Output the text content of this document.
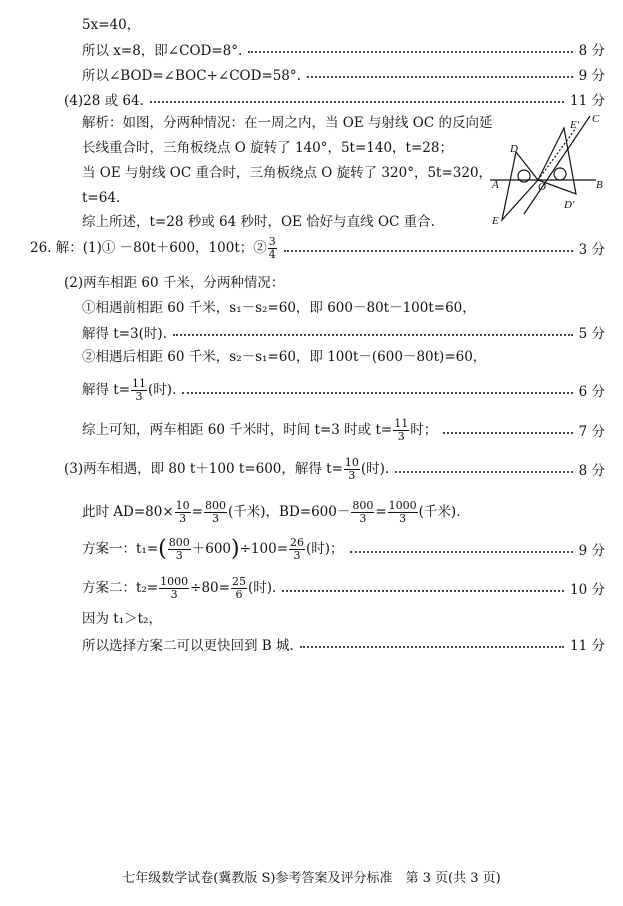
5x=40，
所以 x=8，即∠COD=8°.	8 分
所以∠BOD=∠BOC+∠COD=58°.	9 分
(4)28 或 64.	11 分
解析：如图，分两种情况：在一周之内，当 OE 与射线 OC 的反向延
长线重合时，三角板绕点 O 旋转了 140°，5t=140，t=28；
当 OE 与射线 OC 重合时，三角板绕点 O 旋转了 320°，5t=320，
t=64.
综上所述，t=28 秒或 64 秒时，OE 恰好与直线 OC 重合.
E′ C
D
A	O	B
D′
E
26. 解：(1)① －80t＋600，100t；② $\frac{3}{4}$	3 分
(2)两车相距 60 千米，分两种情况：
①相遇前相距 60 千米，s₁－s₂=60，即 600－80t－100t=60，
解得 t=3(时).	5 分
②相遇后相距 60 千米，s₂－s₁=60，即 100t－(600－80t)=60，
解得 $t= \frac{11}{3}$ (时).	6 分
综上可知，两车相距 60 千米时，时间 t=3 时或 $t= \frac{11}{3}$ 时；	7 分
(3)两车相遇，即 80 t＋100 t=600，解得 $t= \frac{10}{3}$ (时).	8 分
此时 $AD=80\times \frac{10}{3} = \frac{800}{3}$ (千米)，$BD=600- \frac{800}{3} = \frac{1000}{3}$ (千米).
方案一：$t_1=( \frac{800}{3} +600)\div 100= \frac{26}{3}$ (时)；	9 分
方案二：$t_2= \frac{1000}{3} \div 80= \frac{25}{6}$ (时).	10 分
因为 t₁＞t₂，
所以选择方案二可以更快回到 B 城.	11 分
七年级数学试卷(冀教版 S)参考答案及评分标准　第 3 页(共 3 页)
